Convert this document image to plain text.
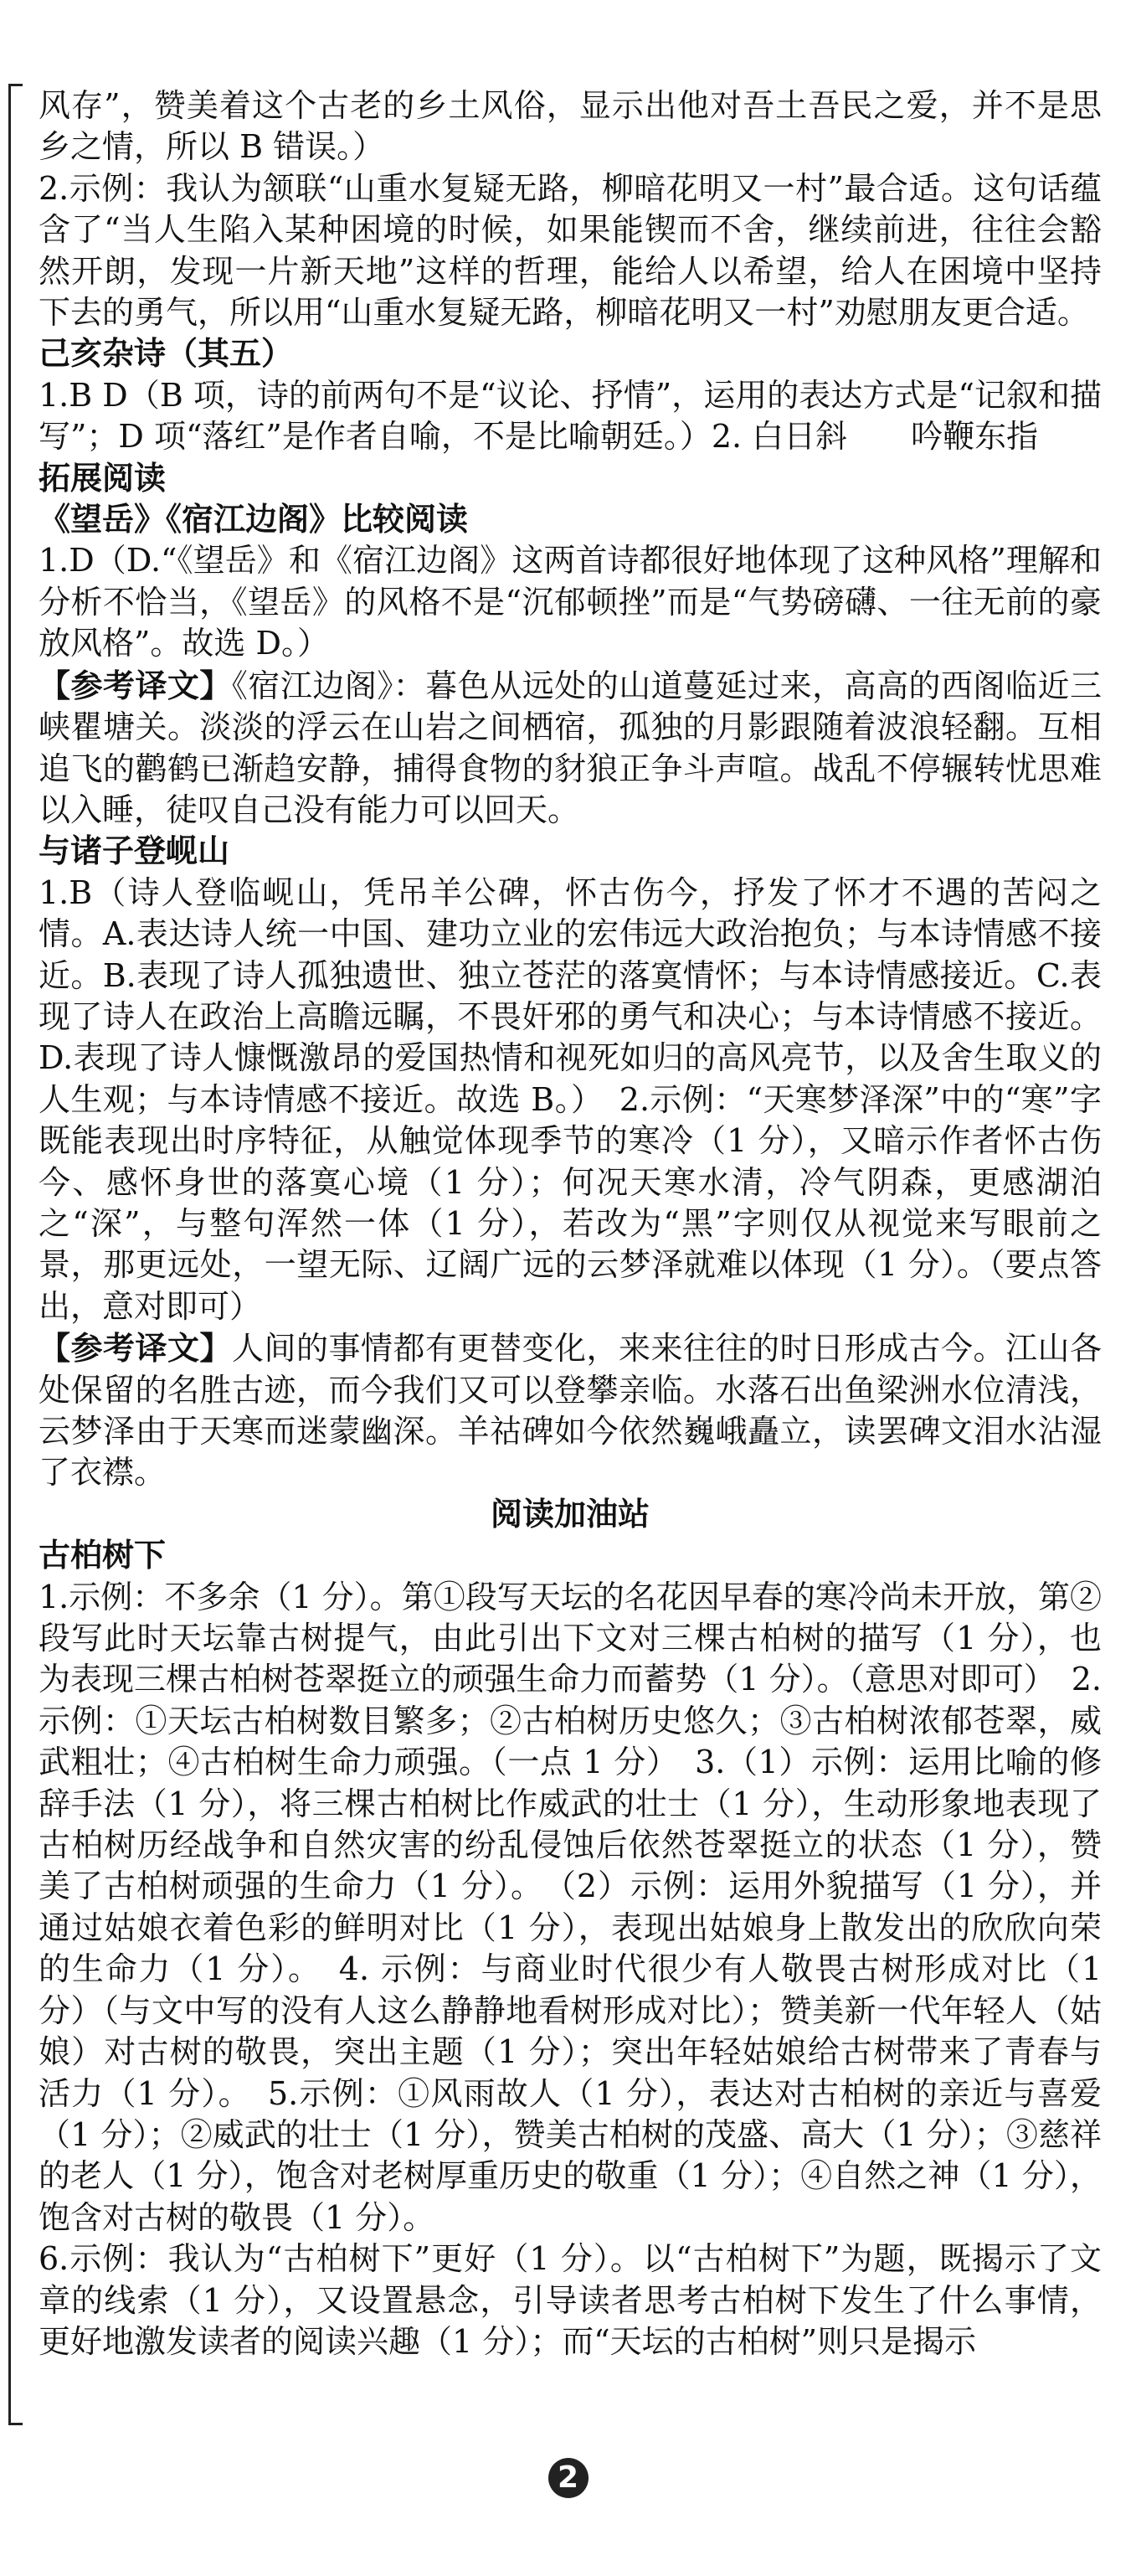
风存”，赞美着这个古老的乡土风俗，显示出他对吾土吾民之爱，并不是思乡之情，所以 B 错误。）

2.示例：我认为颔联“山重水复疑无路，柳暗花明又一村”最合适。这句话蕴含了“当人生陷入某种困境的时候，如果能锲而不舍，继续前进，往往会豁然开朗，发现一片新天地”这样的哲理，能给人以希望，给人在困境中坚持下去的勇气，所以用“山重水复疑无路，柳暗花明又一村”劝慰朋友更合适。

己亥杂诗（其五）

1.B D（B 项，诗的前两句不是“议论、抒情”，运用的表达方式是“记叙和描写”；D 项“落红”是作者自喻，不是比喻朝廷。）2. 白日斜　　吟鞭东指

拓展阅读

《望岳》《宿江边阁》比较阅读

1.D（D.“《望岳》和《宿江边阁》这两首诗都很好地体现了这种风格”理解和分析不恰当，《望岳》的风格不是“沉郁顿挫”而是“气势磅礴、一往无前的豪放风格”。故选 D。）

【参考译文】《宿江边阁》：暮色从远处的山道蔓延过来，高高的西阁临近三峡瞿塘关。淡淡的浮云在山岩之间栖宿，孤独的月影跟随着波浪轻翻。互相追飞的鹳鹤已渐趋安静，捕得食物的豺狼正争斗声喧。战乱不停辗转忧思难以入睡，徒叹自己没有能力可以回天。

与诸子登岘山

1.B（诗人登临岘山，凭吊羊公碑，怀古伤今，抒发了怀才不遇的苦闷之情。A.表达诗人统一中国、建功立业的宏伟远大政治抱负；与本诗情感不接近。B.表现了诗人孤独遗世、独立苍茫的落寞情怀；与本诗情感接近。C.表现了诗人在政治上高瞻远瞩，不畏奸邪的勇气和决心；与本诗情感不接近。D.表现了诗人慷慨激昂的爱国热情和视死如归的高风亮节，以及舍生取义的人生观；与本诗情感不接近。故选 B。）　2.示例：“天寒梦泽深”中的“寒”字既能表现出时序特征，从触觉体现季节的寒冷（1 分），又暗示作者怀古伤今、感怀身世的落寞心境（1 分）；何况天寒水清，冷气阴森，更感湖泊之“深”，与整句浑然一体（1 分），若改为“黑”字则仅从视觉来写眼前之景，那更远处，一望无际、辽阔广远的云梦泽就难以体现（1 分）。（要点答出，意对即可）

【参考译文】人间的事情都有更替变化，来来往往的时日形成古今。江山各处保留的名胜古迹，而今我们又可以登攀亲临。水落石出鱼梁洲水位清浅，云梦泽由于天寒而迷蒙幽深。羊祜碑如今依然巍峨矗立，读罢碑文泪水沾湿了衣襟。

阅读加油站

古柏树下

1.示例：不多余（1 分）。第①段写天坛的名花因早春的寒冷尚未开放，第②段写此时天坛靠古树提气，由此引出下文对三棵古柏树的描写（1 分），也为表现三棵古柏树苍翠挺立的顽强生命力而蓄势（1 分）。（意思对即可）　2. 示例：①天坛古柏树数目繁多；②古柏树历史悠久；③古柏树浓郁苍翠，威武粗壮；④古柏树生命力顽强。（一点 1 分）　3.（1）示例：运用比喻的修辞手法（1 分），将三棵古柏树比作威武的壮士（1 分），生动形象地表现了古柏树历经战争和自然灾害的纷乱侵蚀后依然苍翠挺立的状态（1 分），赞美了古柏树顽强的生命力（1 分）。　（2）示例：运用外貌描写（1 分），并通过姑娘衣着色彩的鲜明对比（1 分），表现出姑娘身上散发出的欣欣向荣的生命力（1 分）。　4. 示例：与商业时代很少有人敬畏古树形成对比（1 分）（与文中写的没有人这么静静地看树形成对比）；赞美新一代年轻人（姑娘）对古树的敬畏，突出主题（1 分）；突出年轻姑娘给古树带来了青春与活力（1 分）。　5.示例：①风雨故人（1 分），表达对古柏树的亲近与喜爱（1 分）；②威武的壮士（1 分），赞美古柏树的茂盛、高大（1 分）；③慈祥的老人（1 分），饱含对老树厚重历史的敬重（1 分）；④自然之神（1 分），饱含对古树的敬畏（1 分）。

6.示例：我认为“古柏树下”更好（1 分）。以“古柏树下”为题，既揭示了文章的线索（1 分），又设置悬念，引导读者思考古柏树下发生了什么事情，更好地激发读者的阅读兴趣（1 分）；而“天坛的古柏树”则只是揭示

2
